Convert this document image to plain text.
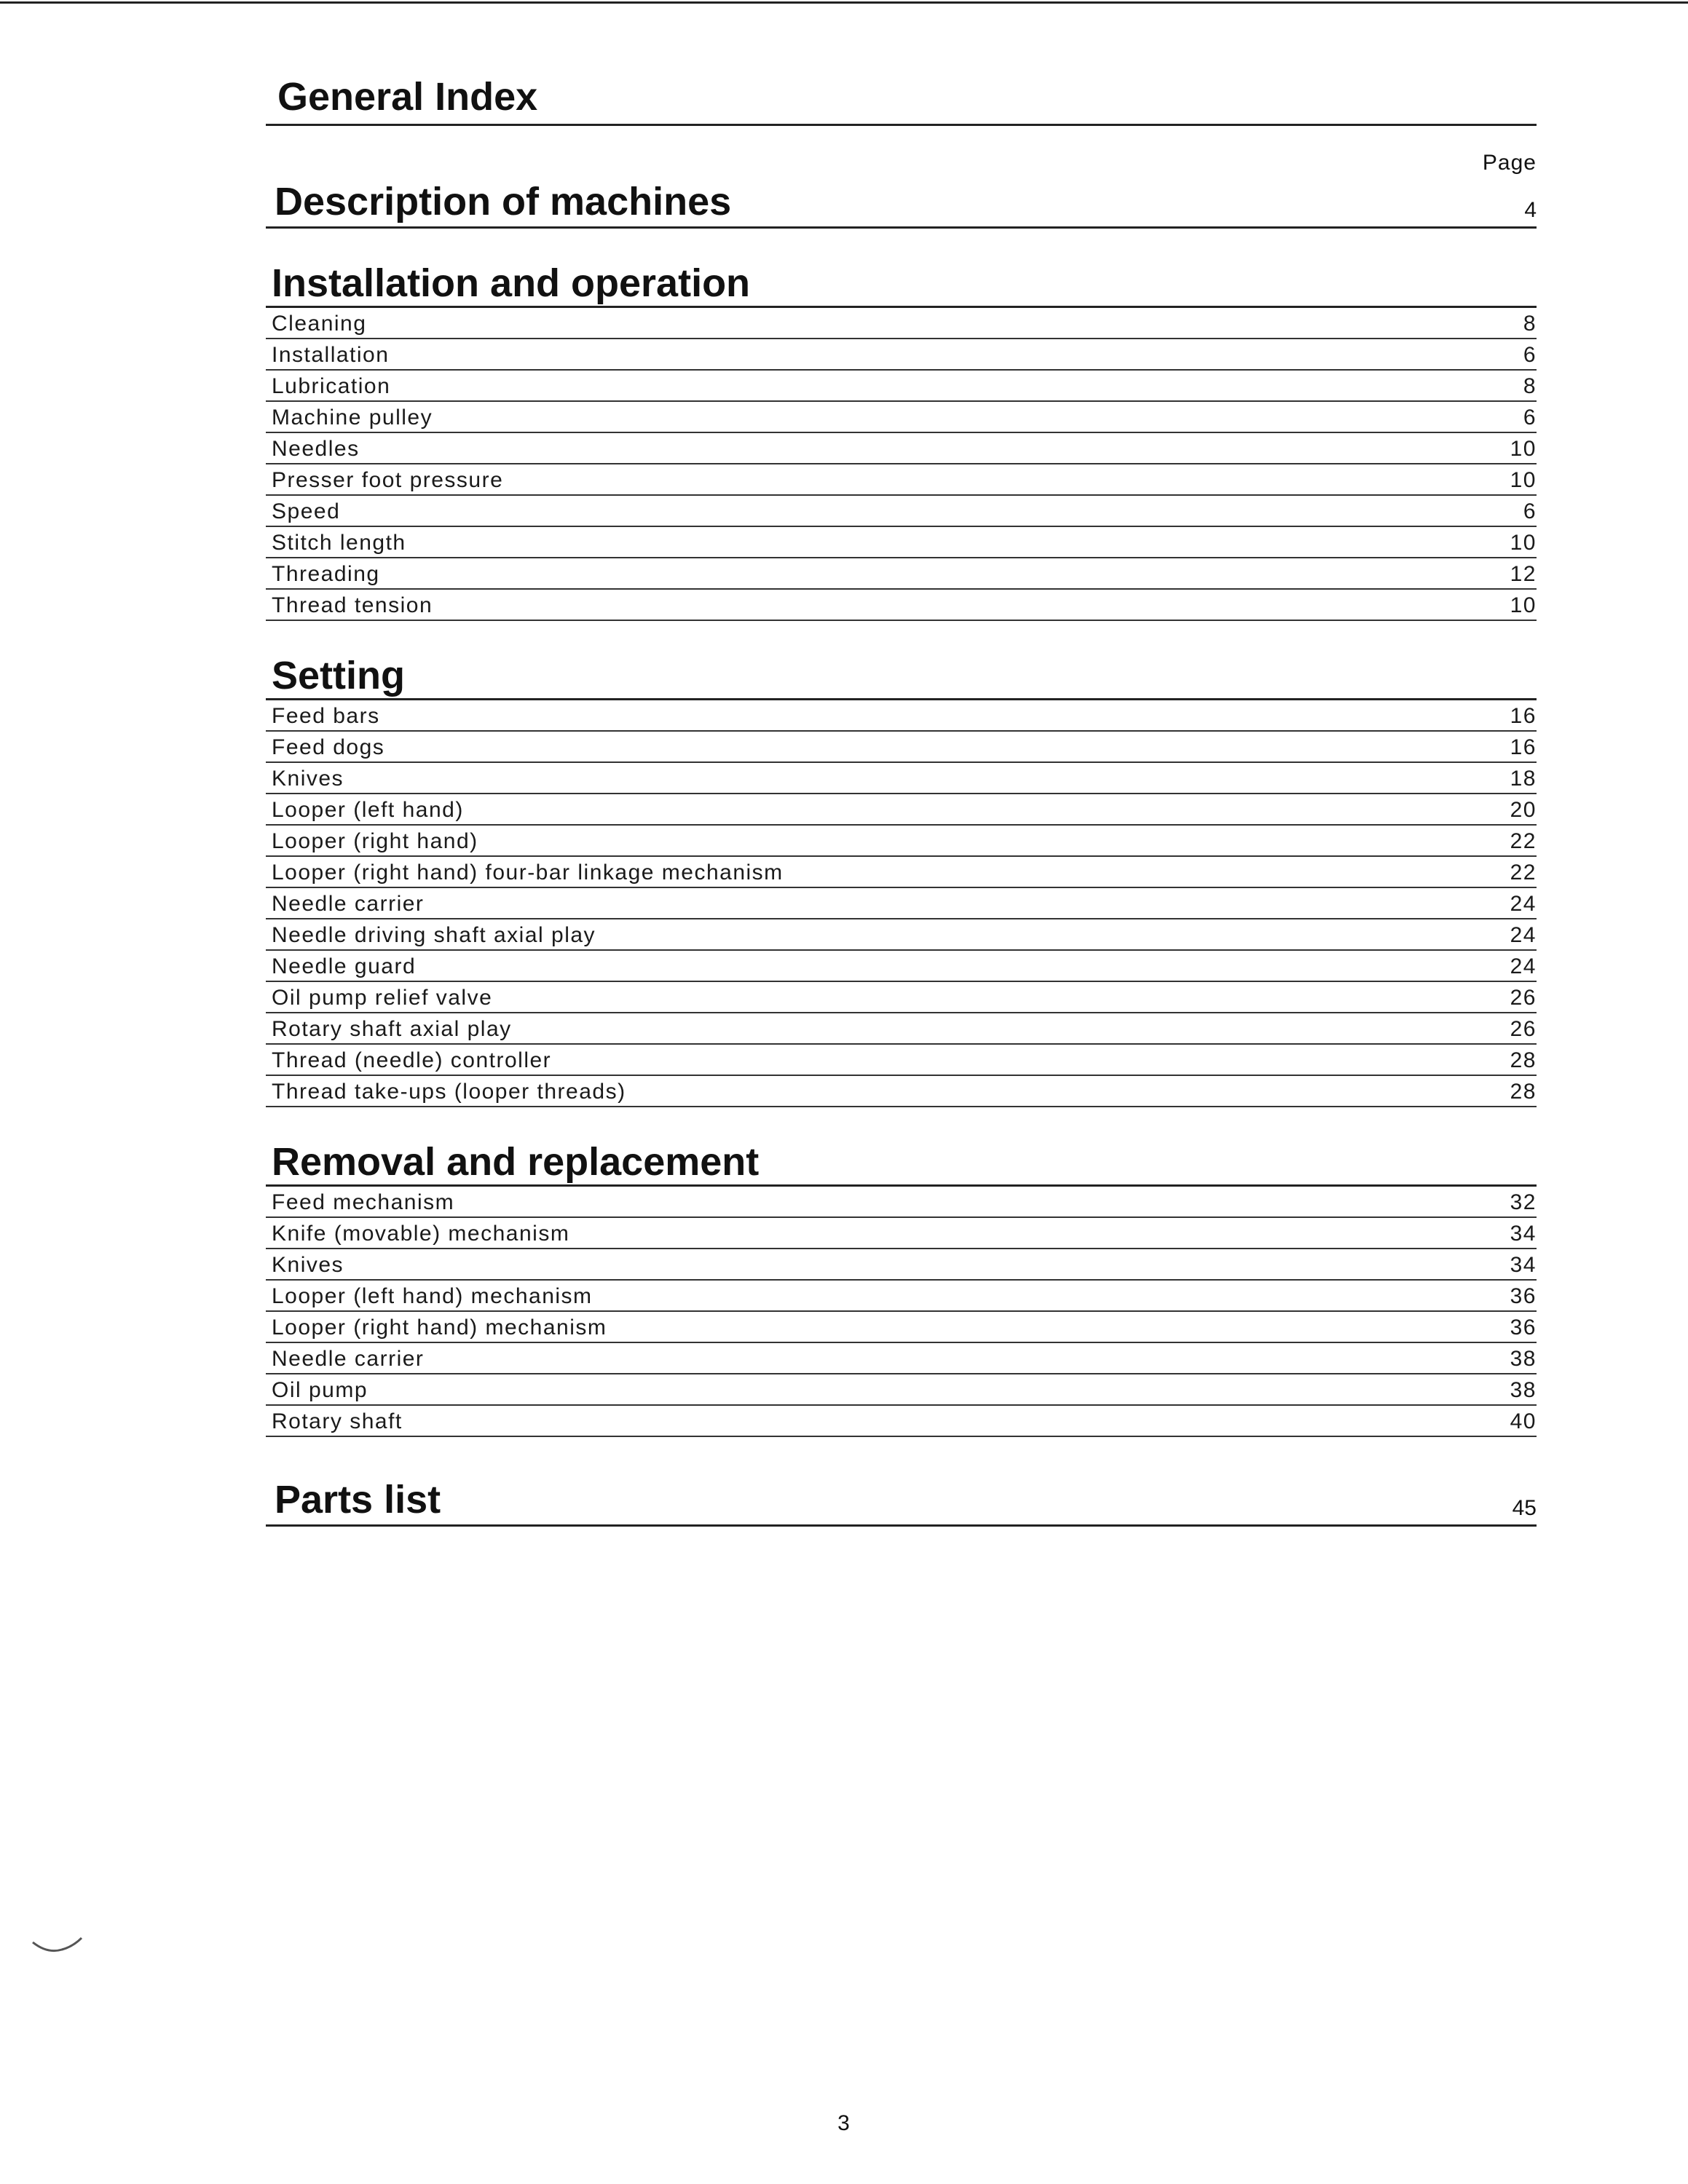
General Index
Page
Description of machines	4
Installation and operation
Cleaning	8
Installation	6
Lubrication	8
Machine pulley	6
Needles	10
Presser foot pressure	10
Speed	6
Stitch length	10
Threading	12
Thread tension	10
Setting
Feed bars	16
Feed dogs	16
Knives	18
Looper (left hand)	20
Looper (right hand)	22
Looper (right hand) four-bar linkage mechanism	22
Needle carrier	24
Needle driving shaft axial play	24
Needle guard	24
Oil pump relief valve	26
Rotary shaft axial play	26
Thread (needle) controller	28
Thread take-ups (looper threads)	28
Removal and replacement
Feed mechanism	32
Knife (movable) mechanism	34
Knives	34
Looper (left hand) mechanism	36
Looper (right hand) mechanism	36
Needle carrier	38
Oil pump	38
Rotary shaft	40
Parts list	45
3
